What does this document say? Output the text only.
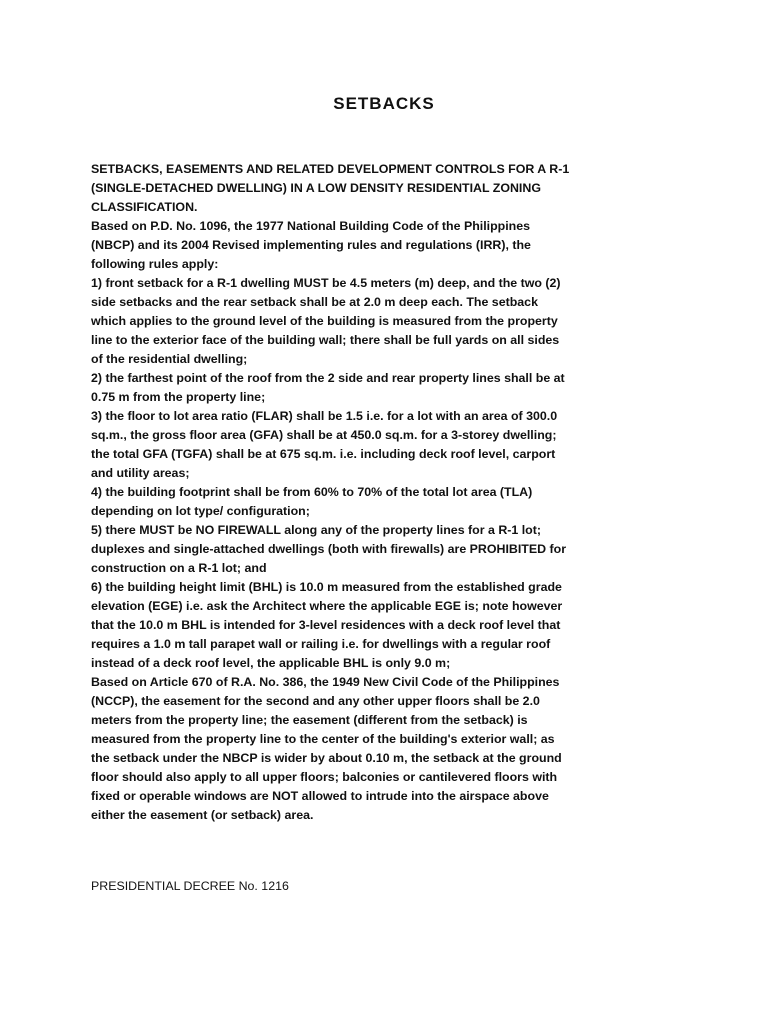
SETBACKS
SETBACKS, EASEMENTS AND RELATED DEVELOPMENT CONTROLS FOR A R-1
(SINGLE-DETACHED DWELLING) IN A LOW DENSITY RESIDENTIAL ZONING
CLASSIFICATION.
Based on P.D. No. 1096, the 1977 National Building Code of the Philippines
(NBCP) and its 2004 Revised implementing rules and regulations (IRR), the
following rules apply:
1) front setback for a R-1 dwelling MUST be 4.5 meters (m) deep, and the two (2)
side setbacks and the rear setback shall be at 2.0 m deep each. The setback
which applies to the ground level of the building is measured from the property
line to the exterior face of the building wall; there shall be full yards on all sides
of the residential dwelling;
2) the farthest point of the roof from the 2 side and rear property lines shall be at
0.75 m from the property line;
3) the floor to lot area ratio (FLAR) shall be 1.5 i.e. for a lot with an area of 300.0
sq.m., the gross floor area (GFA) shall be at 450.0 sq.m. for a 3-storey dwelling;
the total GFA (TGFA) shall be at 675 sq.m. i.e. including deck roof level, carport
and utility areas;
4) the building footprint shall be from 60% to 70% of the total lot area (TLA)
depending on lot type/ configuration;
5) there MUST be NO FIREWALL along any of the property lines for a R-1 lot;
duplexes and single-attached dwellings (both with firewalls) are PROHIBITED for
construction on a R-1 lot; and
6) the building height limit (BHL) is 10.0 m measured from the established grade
elevation (EGE) i.e. ask the Architect where the applicable EGE is; note however
that the 10.0 m BHL is intended for 3-level residences with a deck roof level that
requires a 1.0 m tall parapet wall or railing i.e. for dwellings with a regular roof
instead of a deck roof level, the applicable BHL is only 9.0 m;
Based on Article 670 of R.A. No. 386, the 1949 New Civil Code of the Philippines
(NCCP), the easement for the second and any other upper floors shall be 2.0
meters from the property line; the easement (different from the setback) is
measured from the property line to the center of the building's exterior wall; as
the setback under the NBCP is wider by about 0.10 m, the setback at the ground
floor should also apply to all upper floors; balconies or cantilevered floors with
fixed or operable windows are NOT allowed to intrude into the airspace above
either the easement (or setback) area.
PRESIDENTIAL DECREE No. 1216
